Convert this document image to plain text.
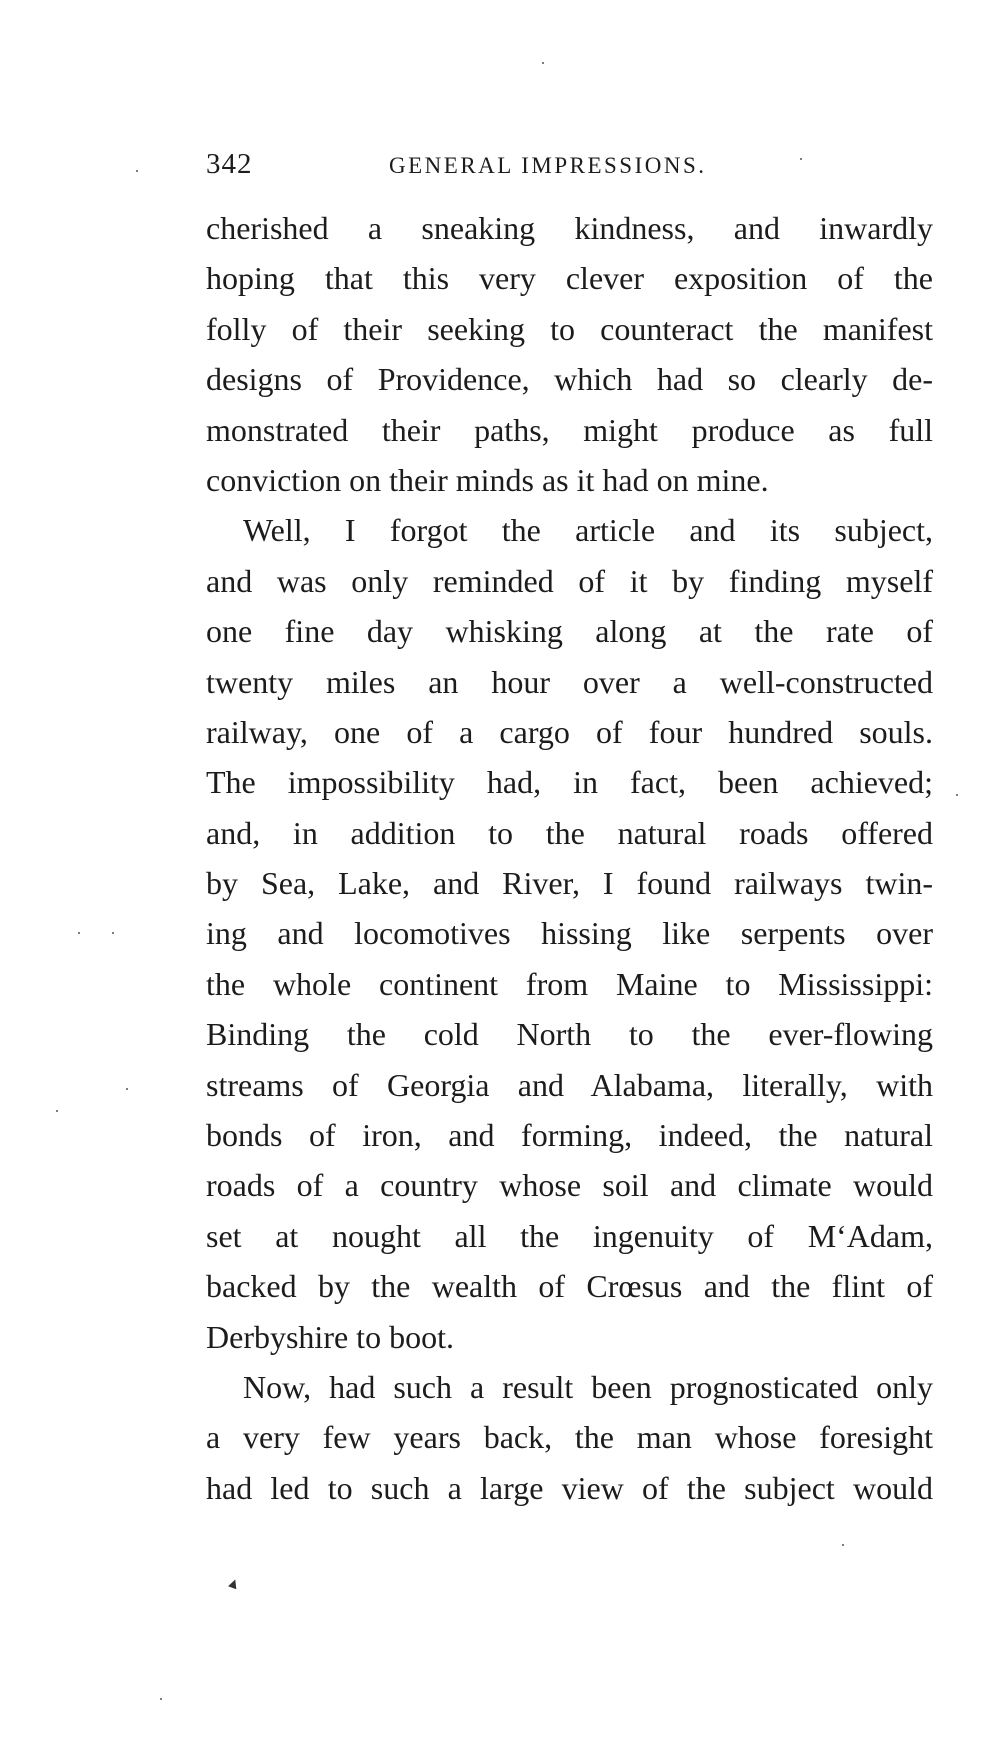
342	GENERAL IMPRESSIONS.
cherished a sneaking kindness, and inwardly
hoping that this very clever exposition of the
folly of their seeking to counteract the manifest
designs of Providence, which had so clearly de-
monstrated their paths, might produce as full
conviction on their minds as it had on mine.
Well, I forgot the article and its subject,
and was only reminded of it by finding myself
one fine day whisking along at the rate of
twenty miles an hour over a well-constructed
railway, one of a cargo of four hundred souls.
The impossibility had, in fact, been achieved;
and, in addition to the natural roads offered
by Sea, Lake, and River, I found railways twin-
ing and locomotives hissing like serpents over
the whole continent from Maine to Mississippi:
Binding the cold North to the ever-flowing
streams of Georgia and Alabama, literally, with
bonds of iron, and forming, indeed, the natural
roads of a country whose soil and climate would
set at nought all the ingenuity of M‘Adam,
backed by the wealth of Crœsus and the flint of
Derbyshire to boot.
Now, had such a result been prognosticated only
a very few years back, the man whose foresight
had led to such a large view of the subject would
▲
